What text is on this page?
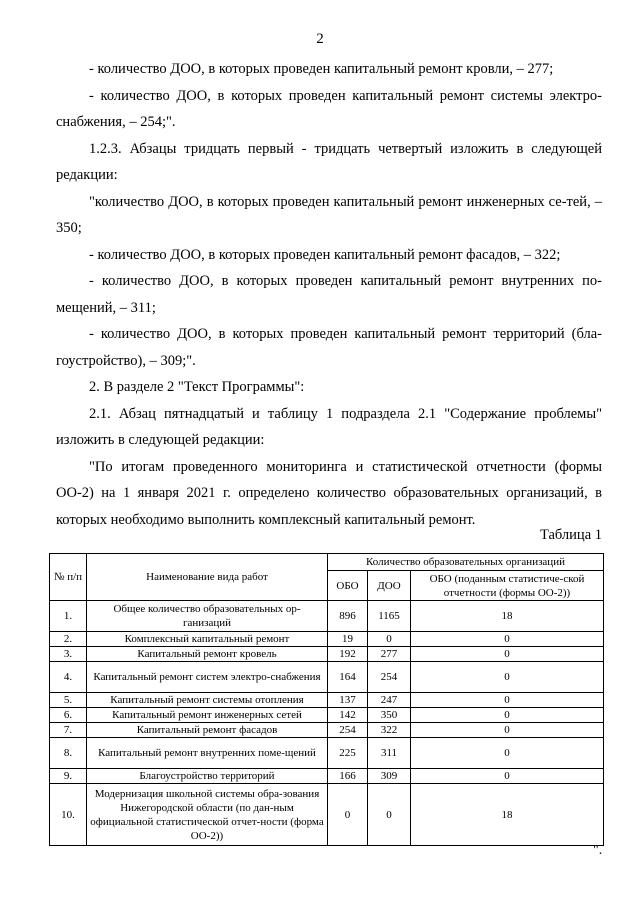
2

- количество ДОО, в которых проведен капитальный ремонт кровли, – 277;

- количество ДОО, в которых проведен капитальный ремонт системы электро-снабжения, – 254;".

1.2.3. Абзацы тридцать первый - тридцать четвертый изложить в следующей редакции:

"количество ДОО, в которых проведен капитальный ремонт инженерных се-тей, – 350;

- количество ДОО, в которых проведен капитальный ремонт фасадов, – 322;

- количество ДОО, в которых проведен капитальный ремонт внутренних по-мещений, – 311;

- количество ДОО, в которых проведен капитальный ремонт территорий (бла-гоустройство), – 309;".

2. В разделе 2 "Текст Программы":

2.1. Абзац пятнадцатый и таблицу 1 подраздела 2.1 "Содержание проблемы" изложить в следующей редакции:

"По итогам проведенного мониторинга и статистической отчетности (формы ОО-2) на 1 января 2021 г. определено количество образовательных организаций, в которых необходимо выполнить комплексный капитальный ремонт.

Таблица 1
№ п/п	Наименование вида работ	Количество образовательных организаций		
		ОБО	ДОО	ОБО (поданным статистиче-ской отчетности (формы ОО-2))
1.	Общее количество образовательных ор-ганизаций	896	1165	18
2.	Комплексный капитальный ремонт	19	0	0
3.	Капитальный ремонт кровель	192	277	0
4.	Капитальный ремонт систем электро-снабжения	164	254	0
5.	Капитальный ремонт системы отопления	137	247	0
6.	Капитальный ремонт инженерных сетей	142	350	0
7.	Капитальный ремонт фасадов	254	322	0
8.	Капитальный ремонт внутренних поме-щений	225	311	0
9.	Благоустройство территорий	166	309	0
10.	Модернизация школьной системы обра-зования Нижегородской области (по дан-ным официальной статистической отчет-ности (форма ОО-2))	0	0	18
".
